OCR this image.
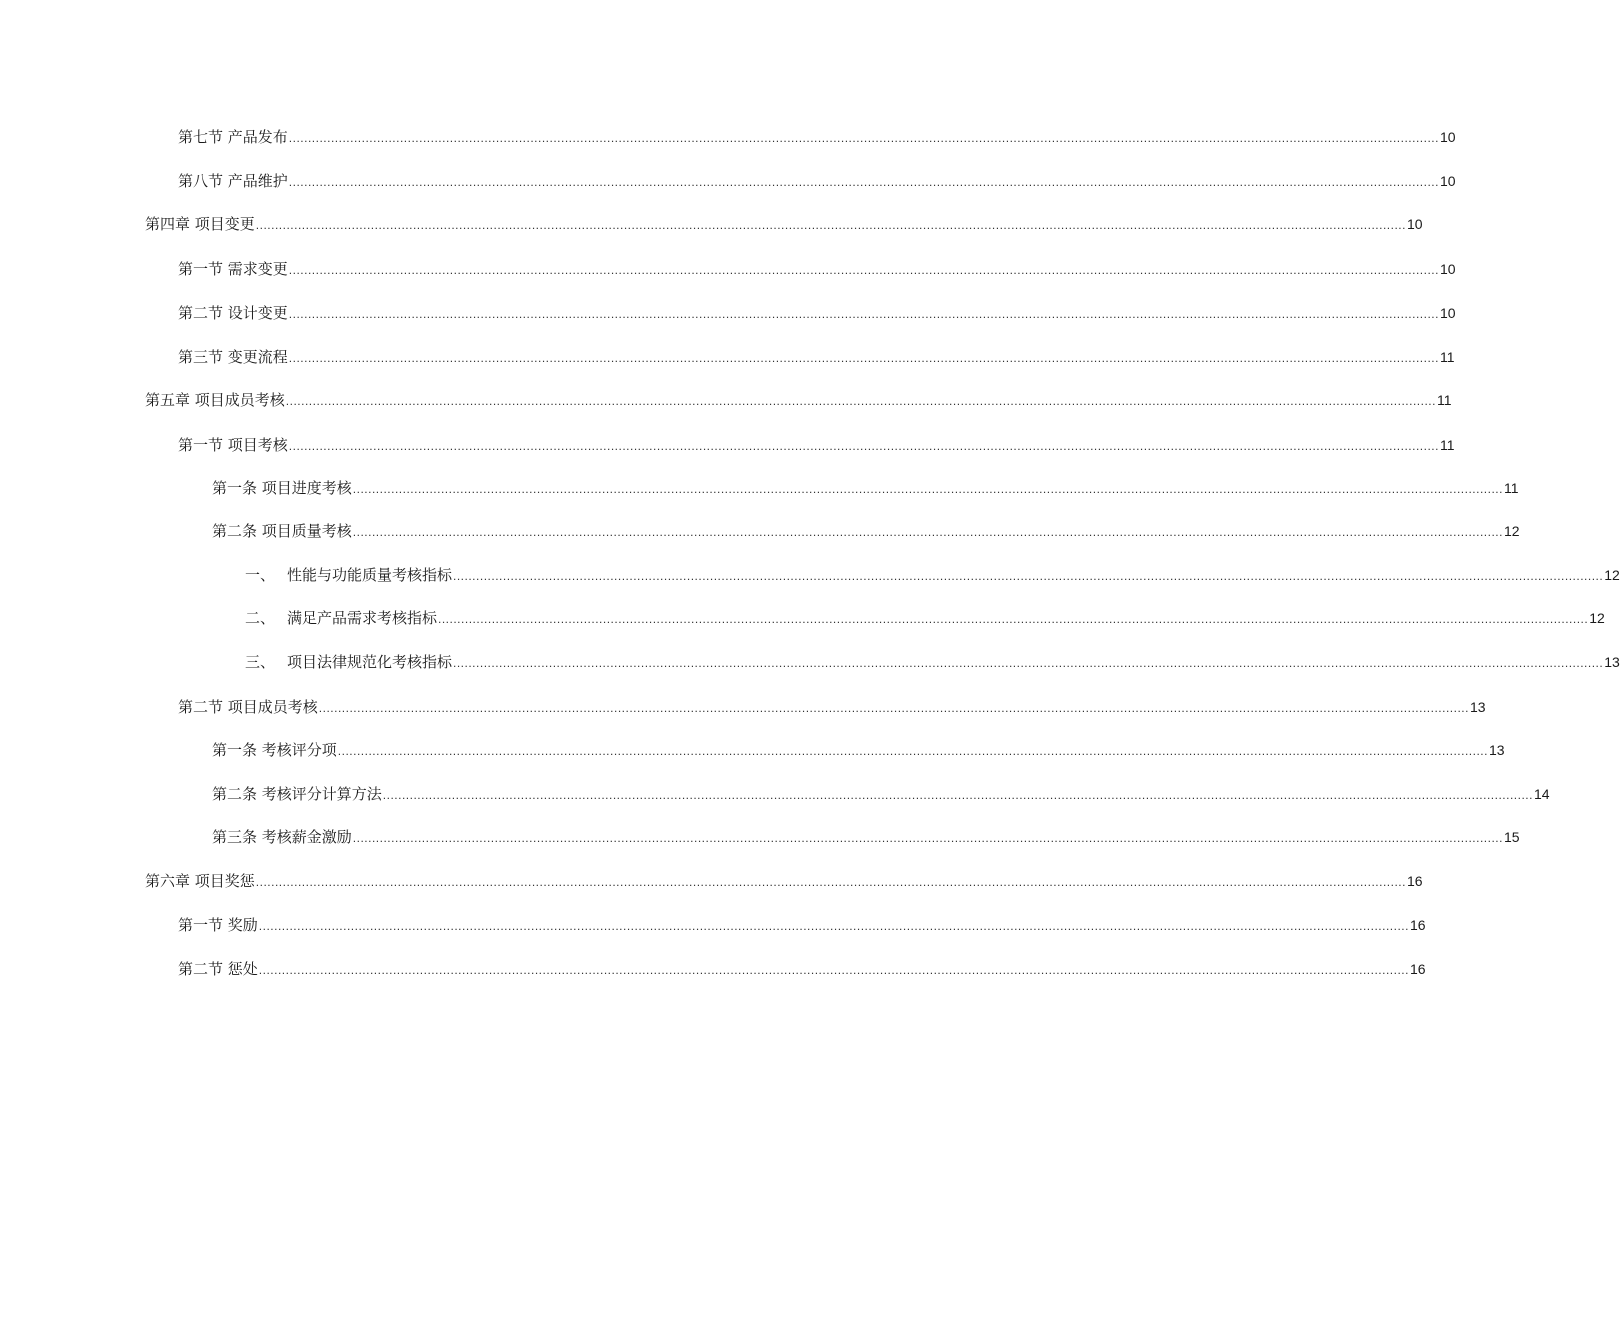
第七节 产品发布 ............................................................................................................................................................................................................................................................................................................ 10
第八节 产品维护 ............................................................................................................................................................................................................................................................................................................ 10
第四章 项目变更 ............................................................................................................................................................................................................................................................................................................ 10
第一节 需求变更 ............................................................................................................................................................................................................................................................................................................ 10
第二节 设计变更 ............................................................................................................................................................................................................................................................................................................ 10
第三节 变更流程 ............................................................................................................................................................................................................................................................................................................ 11
第五章 项目成员考核 ............................................................................................................................................................................................................................................................................................................ 11
第一节 项目考核 ............................................................................................................................................................................................................................................................................................................ 11
第一条 项目进度考核 ............................................................................................................................................................................................................................................................................................................ 11
第二条 项目质量考核 ............................................................................................................................................................................................................................................................................................................ 12
一、 性能与功能质量考核指标 ............................................................................................................................................................................................................................................................................................................ 12
二、 满足产品需求考核指标 ............................................................................................................................................................................................................................................................................................................ 12
三、 项目法律规范化考核指标 ............................................................................................................................................................................................................................................................................................................ 13
第二节 项目成员考核 ............................................................................................................................................................................................................................................................................................................ 13
第一条 考核评分项 ............................................................................................................................................................................................................................................................................................................ 13
第二条 考核评分计算方法 ............................................................................................................................................................................................................................................................................................................ 14
第三条 考核薪金激励 ............................................................................................................................................................................................................................................................................................................ 15
第六章 项目奖惩 ............................................................................................................................................................................................................................................................................................................ 16
第一节 奖励 ............................................................................................................................................................................................................................................................................................................ 16
第二节 惩处 ............................................................................................................................................................................................................................................................................................................ 16
